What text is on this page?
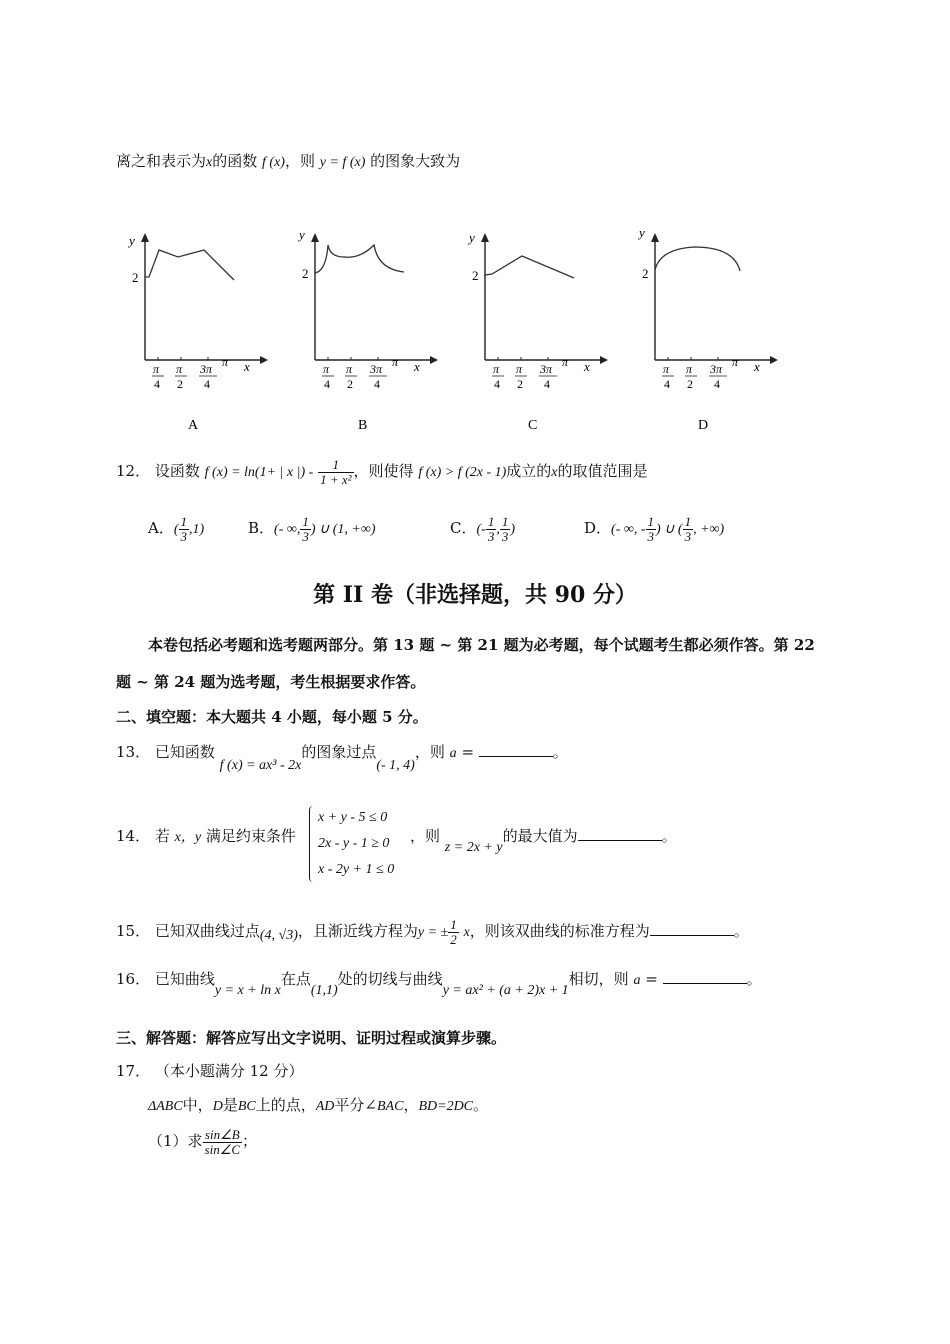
离之和表示为x的函数 f (x)，则 y = f (x) 的图象大致为
y
2
π
4
π
2
3π
4
π x
A
y
2
π
4
π
2
3π
4
π x
B
y
2
π
4
π
2
3π
4
π x
C
y
2
π
4
π
2
3π
4
π x
D
12． 设函数 f (x) = ln(1+ | x |) - $\frac{1}{\text{1 + x²}}$ ，则使得 f (x) > f (2x - 1)成立的x的取值范围是
A．( $\frac{1}{3} ,1$)	B．(- ∞, $\frac{1}{3}$ ) ∪ (1, +∞)	C．(- $\frac{1}{3}$ , $\frac{1}{3}$ )	D．(- ∞, - $\frac{1}{3}$ ) ∪ ( $\frac{1}{3}$ , +∞)
第 II 卷（非选择题，共 90 分）
本卷包括必考题和选考题两部分。第 13 题 ~ 第 21 题为必考题，每个试题考生都必须作答。第 22
题 ~ 第 24 题为选考题，考生根据要求作答。
二、填空题：本大题共 4 小题，每小题 5 分。
13． 已知函数 f (x) = ax³ - 2x的图象过点(- 1, 4)，则 a =	。
14． 若 x，y 满足约束条件
x + y - 5 ≤ 0
2x - y - 1 ≥ 0
x - 2y + 1 ≤ 0
，则 z = 2x + y的最大值为	。
15． 已知双曲线过点(4, √3)，且渐近线方程为y = ± $\frac{1}{2}$ x，则该双曲线的标准方程为	。
16． 已知曲线y = x + ln x在点(1,1)处的切线与曲线y = ax² + (a + 2)x + 1相切，则 a =	。
三、解答题：解答应写出文字说明、证明过程或演算步骤。
17． （本小题满分 12 分）
ΔABC中，D是BC上的点，AD平分∠BAC，BD=2DC。
（1）求 $\frac{\sin\angle B}{\sin\angle C}$ ；
